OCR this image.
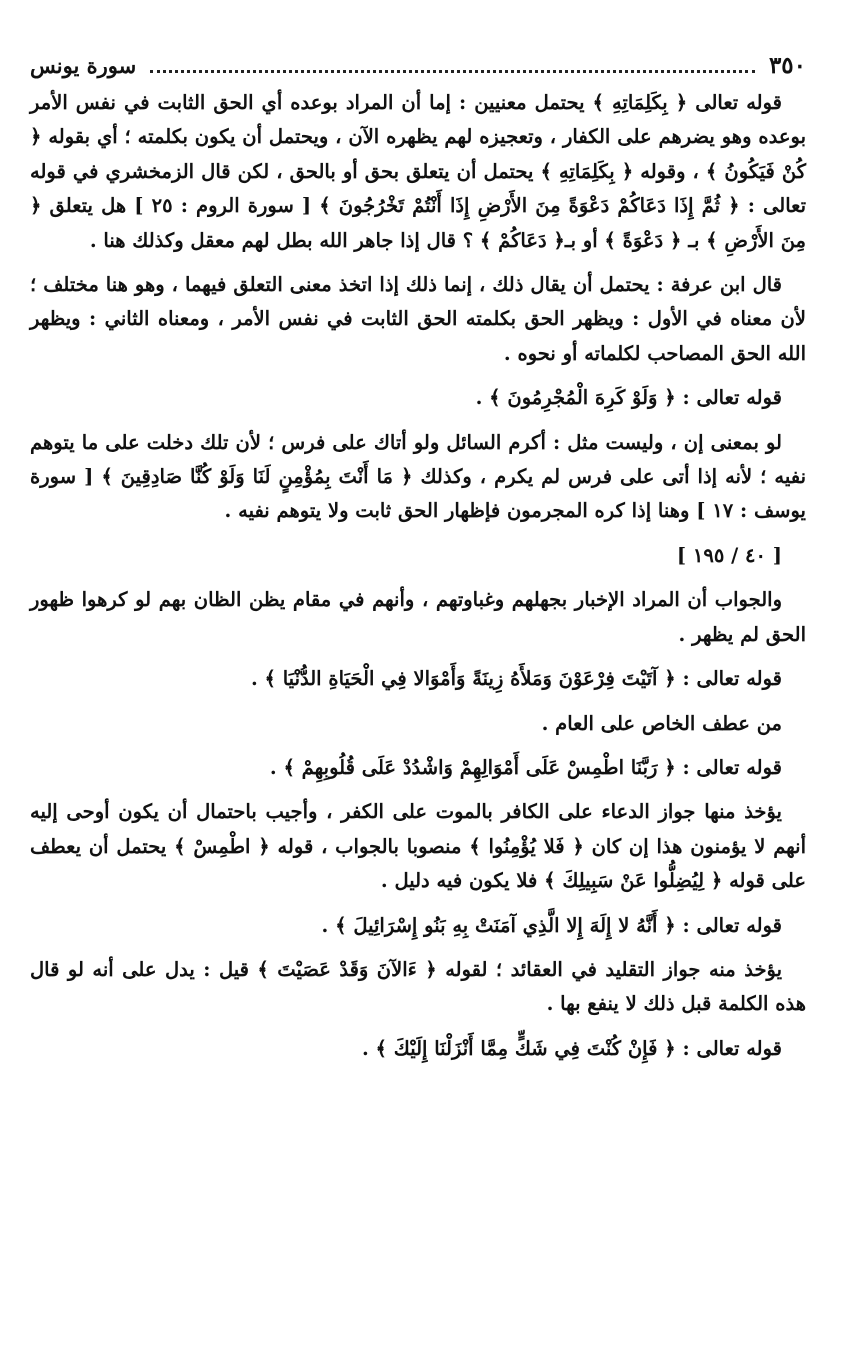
٣٥٠
سورة يونس

قوله تعالى ﴿ بِكَلِمَاتِهِ ﴾ يحتمل معنيين : إما أن المراد بوعده أي الحق الثابت في نفس الأمر بوعده وهو يضرهم على الكفار ، وتعجيزه لهم يظهره الآن ، ويحتمل أن يكون بكلمته ؛ أي بقوله ﴿ كُنْ فَيَكُونُ ﴾ ، وقوله ﴿ بِكَلِمَاتِهِ ﴾ يحتمل أن يتعلق بحق أو بالحق ، لكن قال الزمخشري في قوله تعالى : ﴿ ثُمَّ إِذَا دَعَاكُمْ دَعْوَةً مِنَ الأَرْضِ إِذَا أَنْتُمْ تَخْرُجُونَ ﴾ [ سورة الروم : ٢٥ ] هل يتعلق ﴿ مِنَ الأَرْضِ ﴾ بـ ﴿ دَعْوَةً ﴾ أو بـ﴿ دَعَاكُمْ ﴾ ؟ قال إذا جاهر الله بطل لهم معقل وكذلك هنا .

قال ابن عرفة : يحتمل أن يقال ذلك ، إنما ذلك إذا اتخذ معنى التعلق فيهما ، وهو هنا مختلف ؛ لأن معناه في الأول : ويظهر الحق بكلمته الحق الثابت في نفس الأمر ، ومعناه الثاني : ويظهر الله الحق المصاحب لكلماته أو نحوه .

قوله تعالى : ﴿ وَلَوْ كَرِهَ الْمُجْرِمُونَ ﴾ .

لو بمعنى إن ، وليست مثل : أكرم السائل ولو أتاك على فرس ؛ لأن تلك دخلت على ما يتوهم نفيه ؛ لأنه إذا أتى على فرس لم يكرم ، وكذلك ﴿ مَا أَنْتَ بِمُؤْمِنٍ لَنَا وَلَوْ كُنَّا صَادِقِينَ ﴾ [ سورة يوسف : ١٧ ] وهنا إذا كره المجرمون فإظهار الحق ثابت ولا يتوهم نفيه .

[ ٤٠ / ١٩٥ ]

والجواب أن المراد الإخبار بجهلهم وغباوتهم ، وأنهم في مقام يظن الظان بهم لو كرهوا ظهور الحق لم يظهر .

قوله تعالى : ﴿ آتَيْتَ فِرْعَوْنَ وَمَلأَهُ زِينَةً وَأَمْوَالا فِي الْحَيَاةِ الدُّنْيَا ﴾ .

من عطف الخاص على العام .

قوله تعالى : ﴿ رَبَّنَا اطْمِسْ عَلَى أَمْوَالِهِمْ وَاشْدُدْ عَلَى قُلُوبِهِمْ ﴾ .

يؤخذ منها جواز الدعاء على الكافر بالموت على الكفر ، وأجيب باحتمال أن يكون أوحى إليه أنهم لا يؤمنون هذا إن كان ﴿ فَلا يُؤْمِنُوا ﴾ منصوبا بالجواب ، قوله ﴿ اطْمِسْ ﴾ يحتمل أن يعطف على قوله ﴿ لِيُضِلُّوا عَنْ سَبِيلِكَ ﴾ فلا يكون فيه دليل .

قوله تعالى : ﴿ أَنَّهُ لا إِلَهَ إِلا الَّذِي آمَنَتْ بِهِ بَنُو إِسْرَائِيلَ ﴾ .

يؤخذ منه جواز التقليد في العقائد ؛ لقوله ﴿ ءَالآنَ وَقَدْ عَصَيْتَ ﴾ قيل : يدل على أنه لو قال هذه الكلمة قبل ذلك لا ينفع بها .

قوله تعالى : ﴿ فَإِنْ كُنْتَ فِي شَكٍّ مِمَّا أَنْزَلْنَا إِلَيْكَ ﴾ .
